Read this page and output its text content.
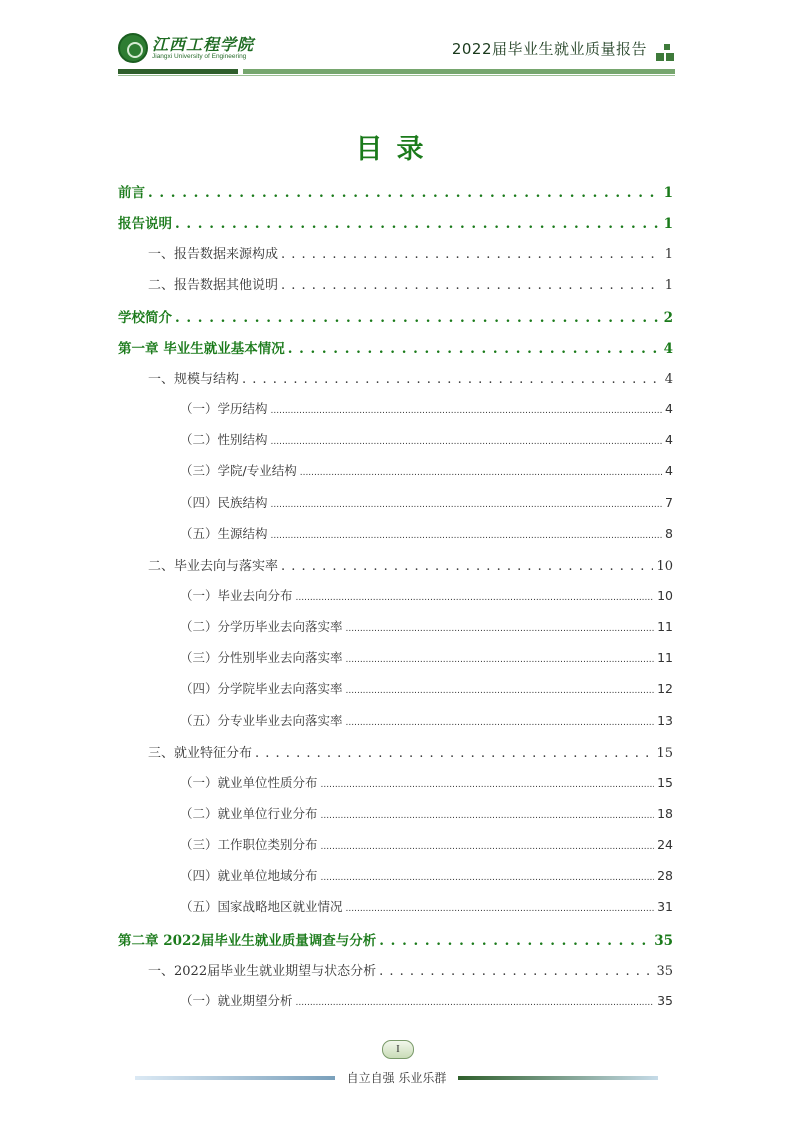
江西工程学院
Jiangxi University of Engineering	2022届毕业生就业质量报告
目录
前言 . . .	1
报告说明 . . .	1
一、报告数据来源构成 . . .	1
二、报告数据其他说明 . . .	1
学校简介 . . .	2
第一章 毕业生就业基本情况 . . .	4
一、规模与结构 . . .	4
（一）学历结构 .....	4
（二）性别结构 .....	4
（三）学院/专业结构 .....	4
（四）民族结构 .....	7
（五）生源结构 .....	8
二、毕业去向与落实率 . . .	10
（一）毕业去向分布 .....	10
（二）分学历毕业去向落实率 .....	11
（三）分性别毕业去向落实率 .....	11
（四）分学院毕业去向落实率 .....	12
（五）分专业毕业去向落实率 .....	13
三、就业特征分布 . . .	15
（一）就业单位性质分布 .....	15
（二）就业单位行业分布 .....	18
（三）工作职位类别分布 .....	24
（四）就业单位地域分布 .....	28
（五）国家战略地区就业情况 .....	31
第二章 2022届毕业生就业质量调查与分析 . . .	35
一、2022届毕业生就业期望与状态分析 . . .	35
（一）就业期望分析 .....	35
I
自立自强 乐业乐群
